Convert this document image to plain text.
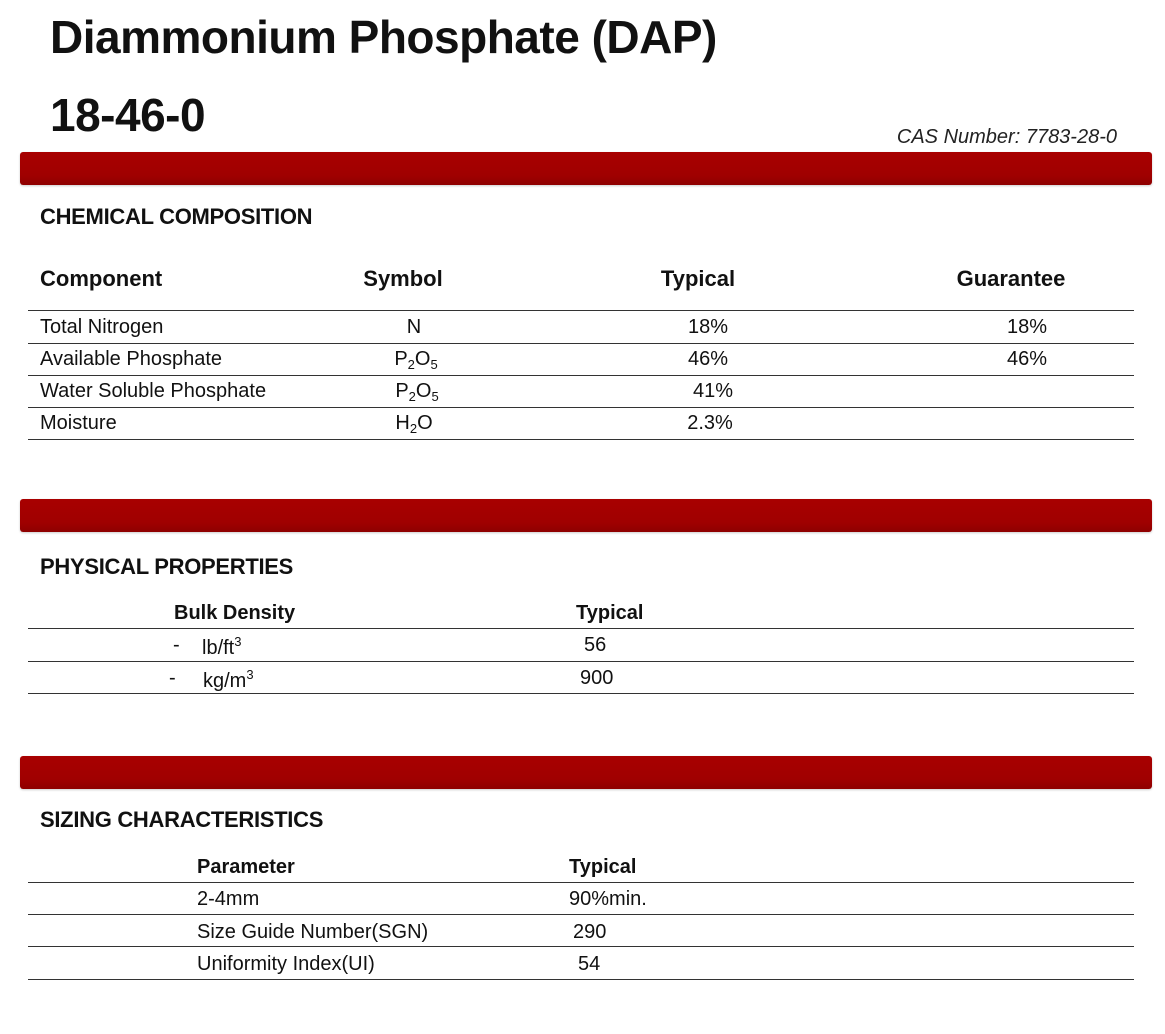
Diammonium Phosphate (DAP)
18-46-0	CAS Number: 7783-28-0
CHEMICAL COMPOSITION
Component	Symbol	Typical	Guarantee
Total Nitrogen	N	18%	18%
Available Phosphate	$P_2O_5$	46%	46%
Water Soluble Phosphate	$P_2O_5$	41%
Moisture	$H_2O$	2.3%
PHYSICAL PROPERTIES
Bulk Density	Typical
- $lb/ft^3$	56
- $kg/m^3$	900
SIZING CHARACTERISTICS
Parameter	Typical
2-4mm	90%min.
Size Guide Number(SGN)	290
Uniformity Index(UI)	54
